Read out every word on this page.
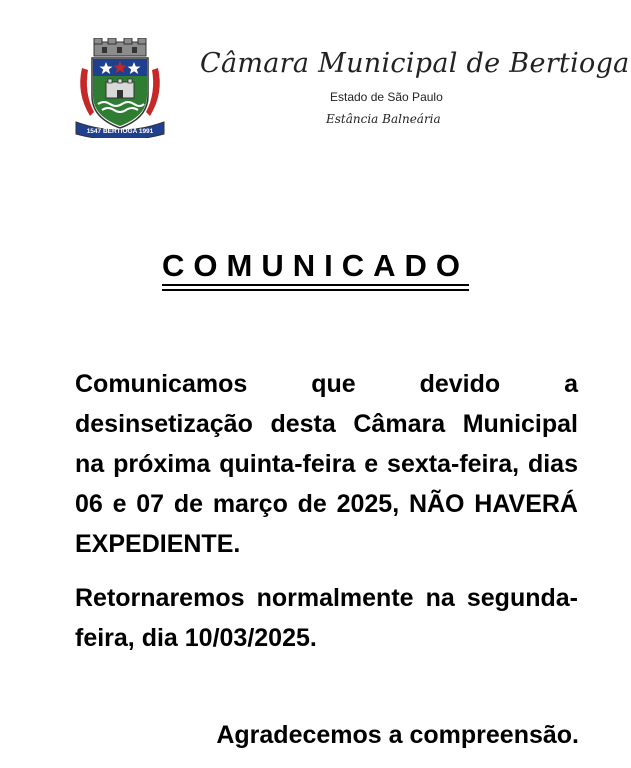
1547 BERTIOGA 1991
Câmara Municipal de Bertioga
Estado de São Paulo
Estância Balneária
COMUNICADO
Comunicamos que devido a desinsetização desta Câmara Municipal na próxima quinta-feira e sexta-feira, dias 06 e 07 de março de 2025, NÃO HAVERÁ EXPEDIENTE.
Retornaremos normalmente na segunda-feira, dia 10/03/2025.
Agradecemos a compreensão.
